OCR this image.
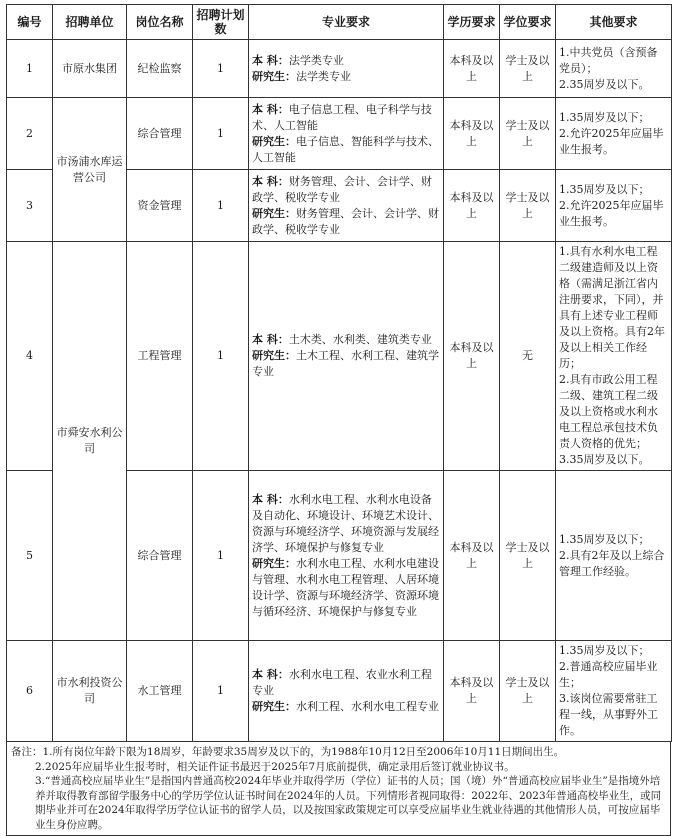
编号	招聘单位	岗位名称	招聘计划数	专业要求	学历要求	学位要求	其他要求
1	市原水集团	纪检监察	1	本 科：法学类专业
研究生：法学类专业	本科及以上	学士及以上	1.中共党员（含预备党员）；
2.35周岁及以下。

2	市汤浦水库运营公司	综合管理	1	本 科：电子信息工程、电子科学与技术、人工智能
研究生：电子信息、智能科学与技术、人工智能	本科及以上	学士及以上	1.35周岁及以下；
2.允许2025年应届毕业生报考。

3		资金管理	1	本 科：财务管理、会计、会计学、财政学、税收学专业
研究生：财务管理、会计、会计学、财政学、税收学专业	本科及以上	学士及以上	1.35周岁及以下；
2.允许2025年应届毕业生报考。

4	市舜安水利公司	工程管理	1	本 科：土木类、水利类、建筑类专业
研究生：土木工程、水利工程、建筑学专业	本科及以上	无	1.具有水利水电工程二级建造师及以上资格（需满足浙江省内注册要求，下同），并具有上述专业工程师及以上资格。具有2年及以上相关工作经历；
2.具有市政公用工程二级、建筑工程二级及以上资格或水利水电工程总承包技术负责人资格的优先；
3.35周岁及以下。

5		综合管理	1	本 科：水利水电工程、水利水电设备及自动化、环境设计、环境艺术设计、资源与环境经济学、环境资源与发展经济学、环境保护与修复专业
研究生：水利水电工程、水利水电建设与管理、水利水电工程管理、人居环境设计学、资源与环境经济学、资源环境与循环经济、环境保护与修复专业	本科及以上	学士及以上	1.35周岁及以下；
2.具有2年及以上综合管理工作经验。

6	市水利投资公司	水工管理	1	本 科：水利水电工程、农业水利工程专业
研究生：水利工程、水利水电工程专业	本科及以上	学士及以上	1.35周岁及以下；
2.普通高校应届毕业生；
3.该岗位需要常驻工程一线，从事野外工作。
备注：1.所有岗位年龄下限为18周岁，年龄要求35周岁及以下的，为1988年10月12日至2006年10月11日期间出生。
2.2025年应届毕业生报考时，相关证件证书最迟于2025年7月底前提供，确定录用后签订就业协议书。
3.“普通高校应届毕业生”是指国内普通高校2024年毕业并取得学历（学位）证书的人员；国（境）外“普通高校应届毕业生”是指境外培养并取得教育部留学服务中心的学历学位认证书时间在2024年的人员。下列情形者视同取得：2022年、2023年普通高校毕业生，或同期毕业并可在2024年取得学历学位认证书的留学人员，以及按国家政策规定可以享受应届毕业生就业待遇的其他情形人员，可按应届毕业生身份应聘。
